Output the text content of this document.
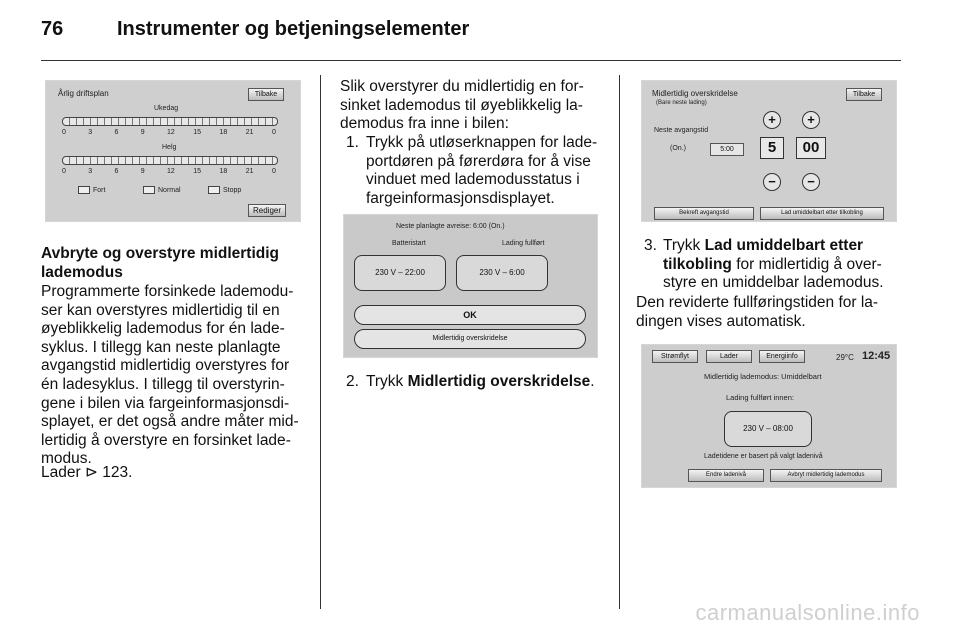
76	Instrumenter og betjeningselementer
Årlig driftsplan	Tilbake
Ukedag
0	3	6	9	12	15	18	21	0
Helg
0	3	6	9	12	15	18	21	0
Fort	Normal	Stopp
Rediger
Avbryte og overstyre midlertidig lademodus
Programmerte forsinkede lademoduser kan overstyres midlertidig til en øyeblikkelig lademodus for én ladesyklus. I tillegg kan neste planlagte avgangstid midlertidig overstyres for én ladesyklus. I tillegg til overstyringene i bilen via fargeinformasjonsdisplayet, er det også andre måter midlertidig å overstyre en forsinket lademodus.
Lader ⊳ 123.
Slik overstyrer du midlertidig en forsinket lademodus til øyeblikkelig lademodus fra inne i bilen:
1. Trykk på utløserknappen for ladeportdøren på førerdøra for å vise vinduet med lademodusstatus i fargeinformasjonsdisplayet.
Neste planlagte avreise: 6:00 (On.)
Batteristart	Lading fullført
230 V – 22:00	230 V – 6:00
OK
Midlertidig overskridelse
2. Trykk Midlertidig overskridelse.
Midlertidig overskridelse
(Bare neste lading)
Tilbake
Neste avgangstid
(On.)	5:00
+
5
−
+
00
−
Bekreft avgangstid	Lad umiddelbart etter tilkobling
3. Trykk Lad umiddelbart etter tilkobling for midlertidig å overstyre en umiddelbar lademodus.
Den reviderte fullføringstiden for ladingen vises automatisk.
Strømflyt	Lader	Energiinfo	29°C 12:45
Midlertidig lademodus: Umiddelbart
Lading fullført innen:
230 V – 08:00
Ladetidene er basert på valgt ladenivå
Endre ladenivå	Avbryt midlertidig lademodus
carmanualsonline.info
